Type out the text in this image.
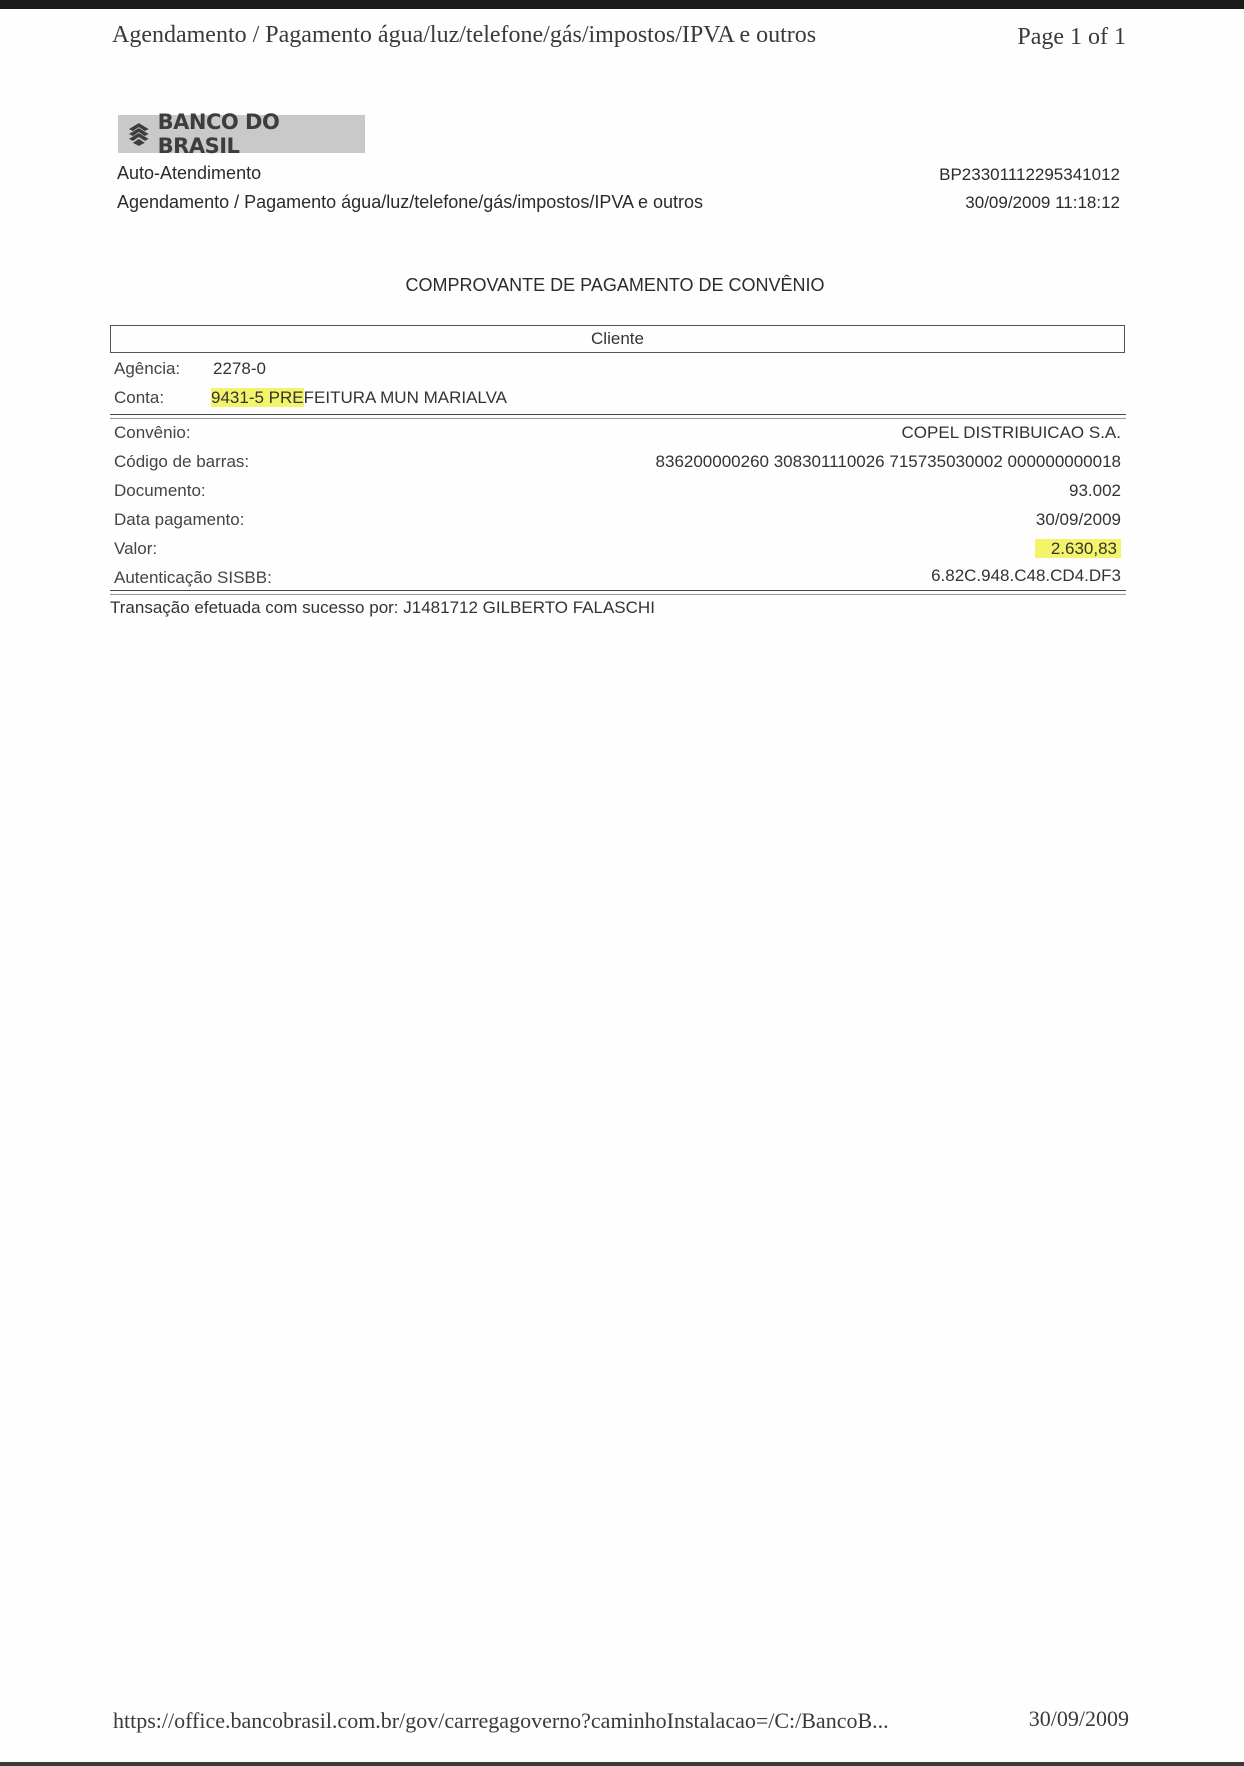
Agendamento / Pagamento água/luz/telefone/gás/impostos/IPVA e outros	Page 1 of 1
BANCO DO BRASIL
Auto-Atendimento
Agendamento / Pagamento água/luz/telefone/gás/impostos/IPVA e outros
BP23301112295341012
30/09/2009 11:18:12
COMPROVANTE DE PAGAMENTO DE CONVÊNIO
Cliente
Agência: 2278-0
Conta:	9431-5 PREFEITURA MUN MARIALVA
Convênio:	COPEL DISTRIBUICAO S.A.
Código de barras:	836200000260 308301110026 715735030002 000000000018
Documento:	93.002
Data pagamento:	30/09/2009
Valor:	2.630,83
Autenticação SISBB:	6.82C.948.C48.CD4.DF3
Transação efetuada com sucesso por: J1481712 GILBERTO FALASCHI
https://office.bancobrasil.com.br/gov/carregagoverno?caminhoInstalacao=/C:/BancoB...	30/09/2009
